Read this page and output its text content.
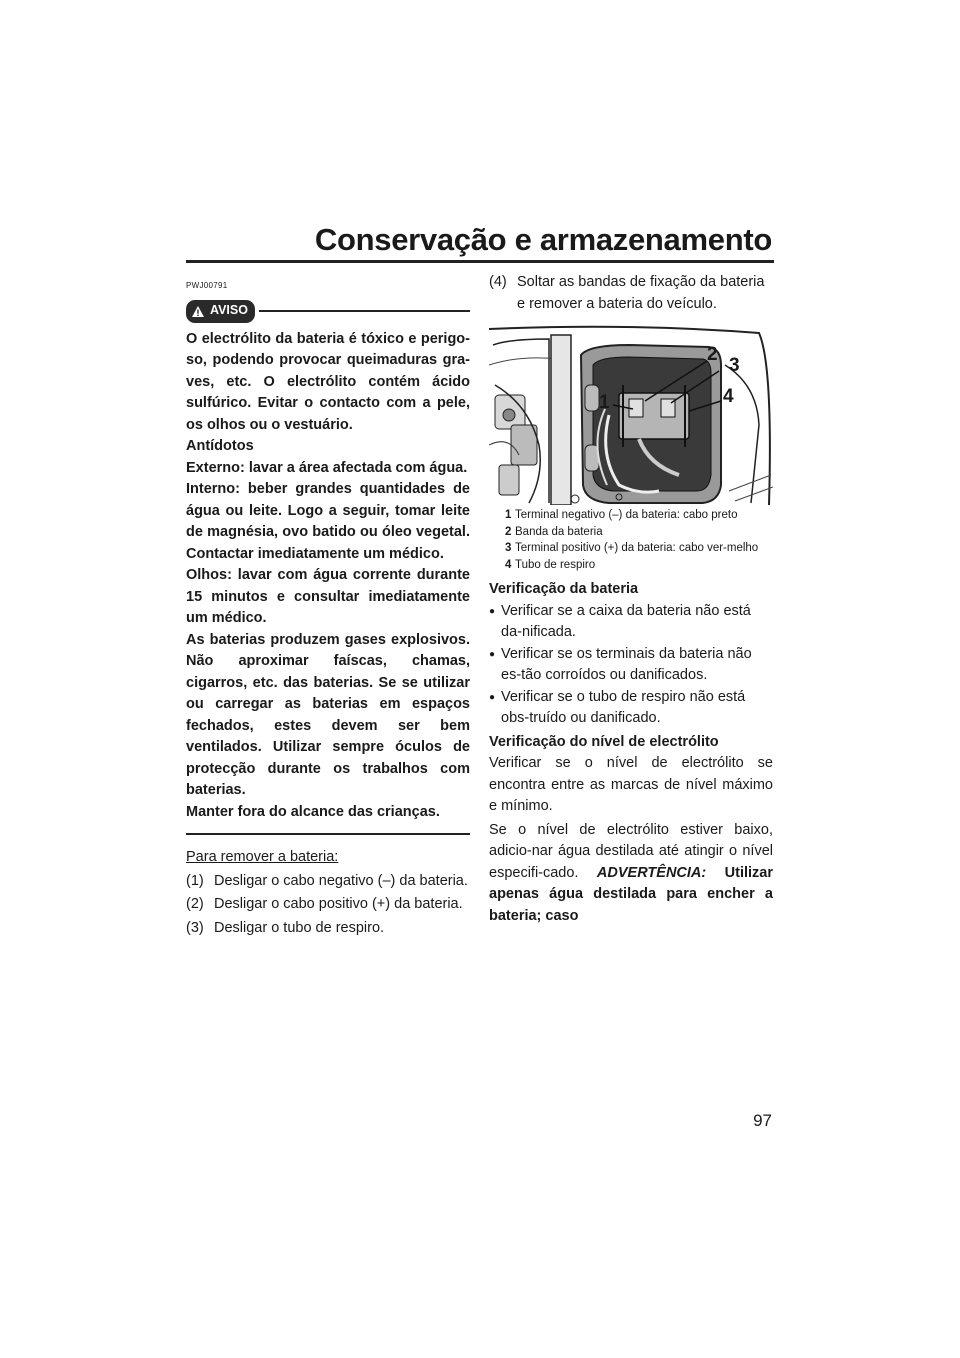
Conservação e armazenamento
PWJ00791
AVISO

O electrólito da bateria é tóxico e perigo-so, podendo provocar queimaduras gra-ves, etc. O electrólito contém ácido sulfúrico. Evitar o contacto com a pele, os olhos ou o vestuário.

Antídotos

Externo: lavar a área afectada com água.

Interno: beber grandes quantidades de água ou leite. Logo a seguir, tomar leite de magnésia, ovo batido ou óleo vegetal. Contactar imediatamente um médico.

Olhos: lavar com água corrente durante 15 minutos e consultar imediatamente um médico.

As baterias produzem gases explosivos. Não aproximar faíscas, chamas, cigarros, etc. das baterias. Se se utilizar ou carregar as baterias em espaços fechados, estes devem ser bem ventilados. Utilizar sempre óculos de protecção durante os trabalhos com baterias.

Manter fora do alcance das crianças.

Para remover a bateria:
(1) Desligar o cabo negativo (–) da bateria.
(2) Desligar o cabo positivo (+) da bateria.
(3) Desligar o tubo de respiro.
(4) Soltar as bandas de fixação da bateria e remover a bateria do veículo.
1
2
3
4
1 Terminal negativo (–) da bateria: cabo preto
2 Banda da bateria
3 Terminal positivo (+) da bateria: cabo ver-melho
4 Tubo de respiro
Verificação da bateria
● Verificar se a caixa da bateria não está da-nificada.
● Verificar se os terminais da bateria não es-tão corroídos ou danificados.
● Verificar se o tubo de respiro não está obs-truído ou danificado.
Verificação do nível de electrólito
Verificar se o nível de electrólito se encontra entre as marcas de nível máximo e mínimo.
Se o nível de electrólito estiver baixo, adicio-nar água destilada até atingir o nível especifi-cado. ADVERTÊNCIA: Utilizar apenas água destilada para encher a bateria; caso
97
